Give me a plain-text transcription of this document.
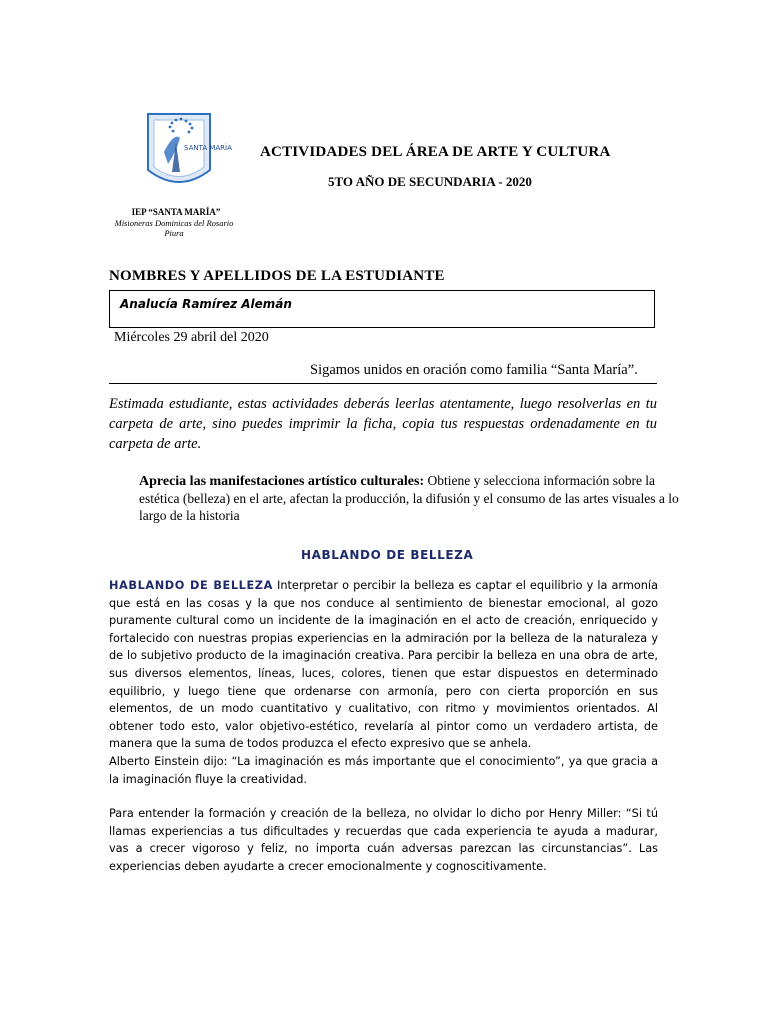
SANTA MARÍA
IEP “SANTA MARÍA”
Misioneras Dominicas del Rosario
Piura
ACTIVIDADES DEL ÁREA DE ARTE Y CULTURA
5TO AÑO DE SECUNDARIA - 2020
NOMBRES Y APELLIDOS DE LA ESTUDIANTE
Analucía Ramírez Alemán
Miércoles 29 abril del 2020
Sigamos unidos en oración como familia “Santa María”.
Estimada estudiante, estas actividades deberás leerlas atentamente, luego resolverlas en tu carpeta de arte, sino puedes imprimir la ficha, copia tus respuestas ordenadamente en tu carpeta de arte.
Aprecia las manifestaciones artístico culturales: Obtiene y selecciona información sobre la estética (belleza) en el arte, afectan la producción, la difusión y el consumo de las artes visuales a lo largo de la historia
HABLANDO DE BELLEZA

HABLANDO DE BELLEZA Interpretar o percibir la belleza es captar el equilibrio y la armonía que está en las cosas y la que nos conduce al sentimiento de bienestar emocional, al gozo puramente cultural como un incidente de la imaginación en el acto de creación, enriquecido y fortalecido con nuestras propias experiencias en la admiración por la belleza de la naturaleza y de lo subjetivo producto de la imaginación creativa. Para percibir la belleza en una obra de arte, sus diversos elementos, líneas, luces, colores, tienen que estar dispuestos en determinado equilibrio, y luego tiene que ordenarse con armonía, pero con cierta proporción en sus elementos, de un modo cuantitativo y cualitativo, con ritmo y movimientos orientados. Al obtener todo esto, valor objetivo-estético, revelaría al pintor como un verdadero artista, de manera que la suma de todos produzca el efecto expresivo que se anhela.

Alberto Einstein dijo: “La imaginación es más importante que el conocimiento”, ya que gracia a la imaginación fluye la creatividad.

Para entender la formación y creación de la belleza, no olvidar lo dicho por Henry Miller: “Si tú llamas experiencias a tus dificultades y recuerdas que cada experiencia te ayuda a madurar, vas a crecer vigoroso y feliz, no importa cuán adversas parezcan las circunstancias”. Las experiencias deben ayudarte a crecer emocionalmente y cognoscitivamente.
